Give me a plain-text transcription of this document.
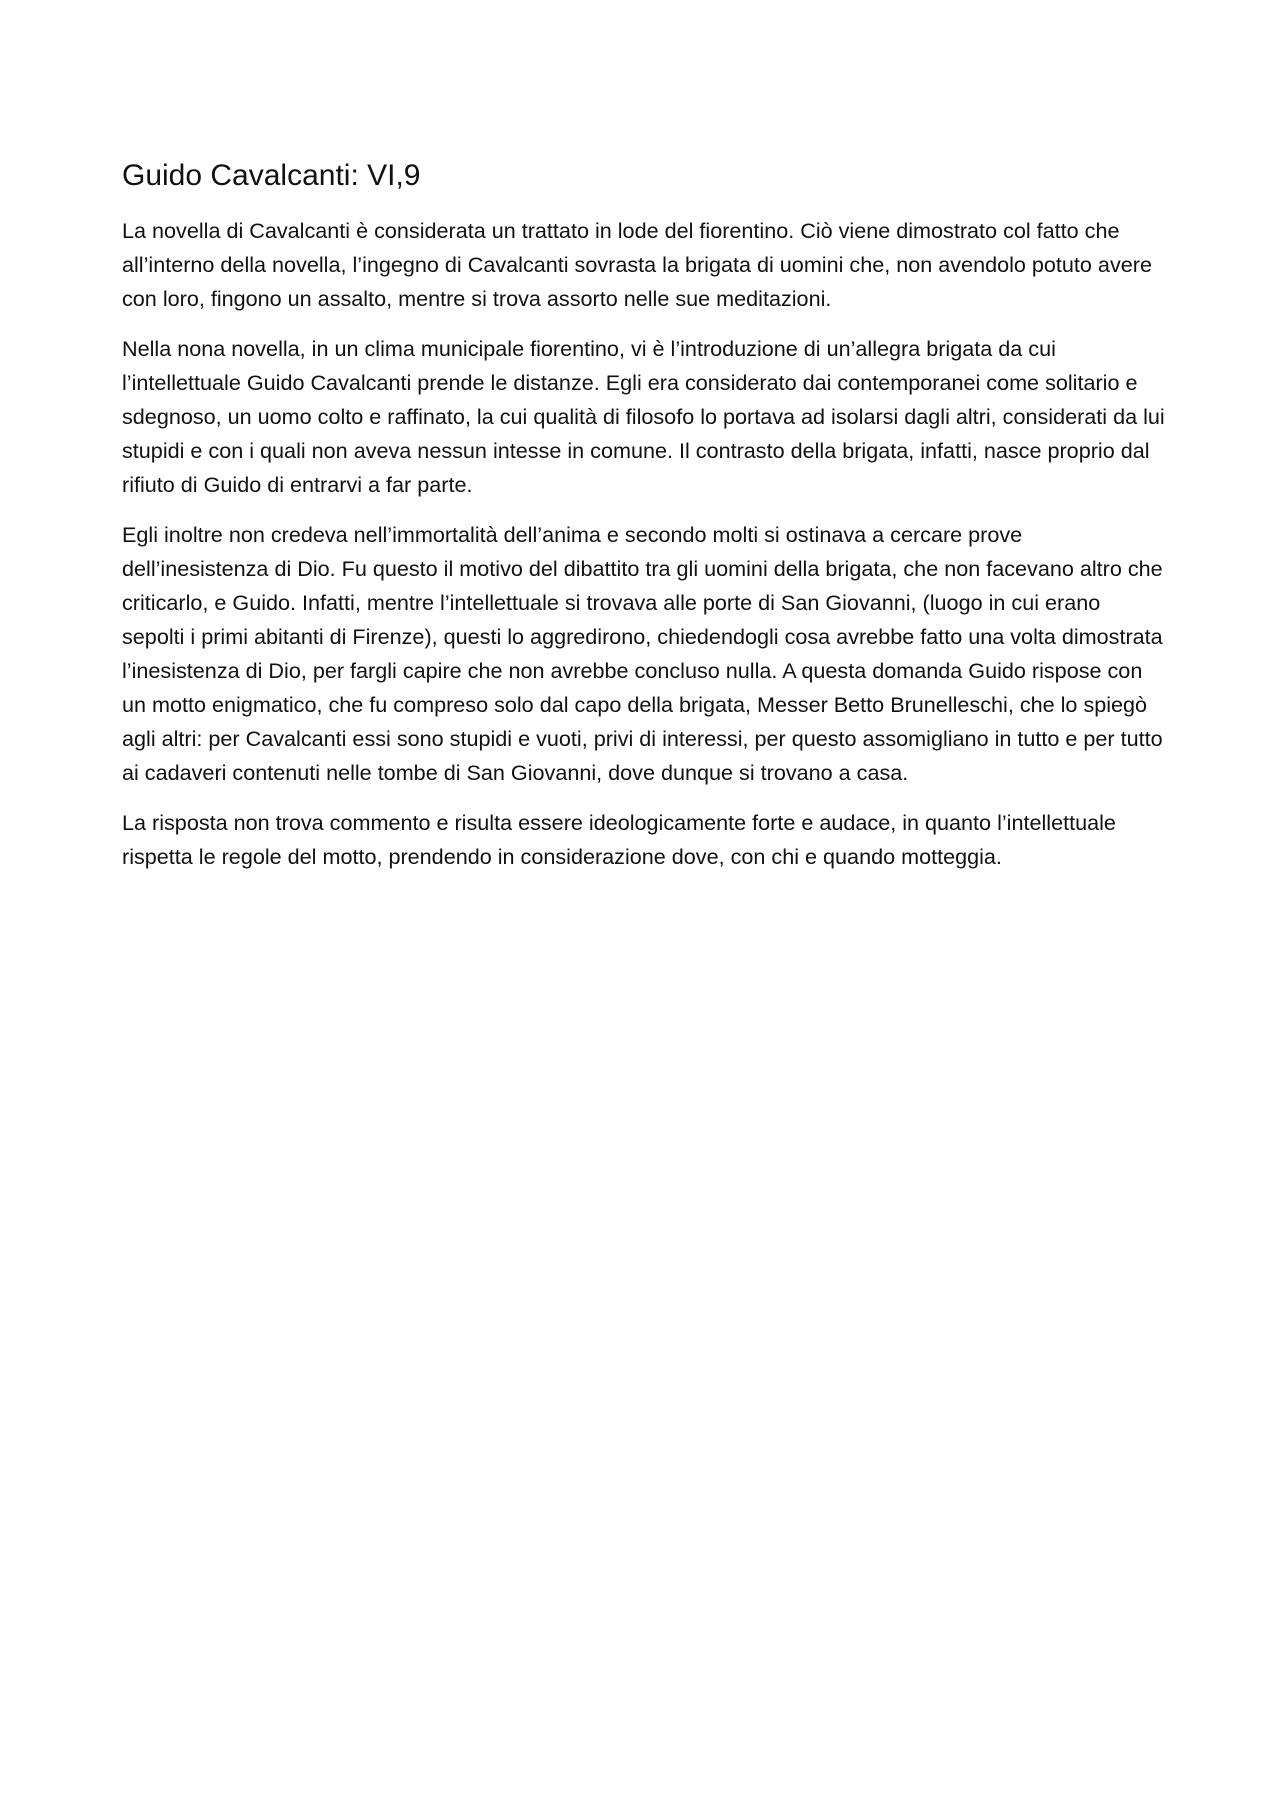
Guido Cavalcanti: VI,9

La novella di Cavalcanti è considerata un trattato in lode del fiorentino. Ciò viene dimostrato col fatto che all’interno della novella, l’ingegno di Cavalcanti sovrasta la brigata di uomini che, non avendolo potuto avere con loro, fingono un assalto, mentre si trova assorto nelle sue meditazioni.

Nella nona novella, in un clima municipale fiorentino, vi è l’introduzione di un’allegra brigata da cui l’intellettuale Guido Cavalcanti prende le distanze. Egli era considerato dai contemporanei come solitario e sdegnoso, un uomo colto e raffinato, la cui qualità di filosofo lo portava ad isolarsi dagli altri, considerati da lui stupidi e con i quali non aveva nessun intesse in comune. Il contrasto della brigata, infatti, nasce proprio dal rifiuto di Guido di entrarvi a far parte.

Egli inoltre non credeva nell’immortalità dell’anima e secondo molti si ostinava a cercare prove dell’inesistenza di Dio. Fu questo il motivo del dibattito tra gli uomini della brigata, che non facevano altro che criticarlo, e Guido. Infatti, mentre l’intellettuale si trovava alle porte di San Giovanni, (luogo in cui erano sepolti i primi abitanti di Firenze), questi lo aggredirono, chiedendogli cosa avrebbe fatto una volta dimostrata l’inesistenza di Dio, per fargli capire che non avrebbe concluso nulla. A questa domanda Guido rispose con un motto enigmatico, che fu compreso solo dal capo della brigata, Messer Betto Brunelleschi, che lo spiegò agli altri: per Cavalcanti essi sono stupidi e vuoti, privi di interessi, per questo assomigliano in tutto e per tutto ai cadaveri contenuti nelle tombe di San Giovanni, dove dunque si trovano a casa.

La risposta non trova commento e risulta essere ideologicamente forte e audace, in quanto l’intellettuale rispetta le regole del motto, prendendo in considerazione dove, con chi e quando motteggia.
